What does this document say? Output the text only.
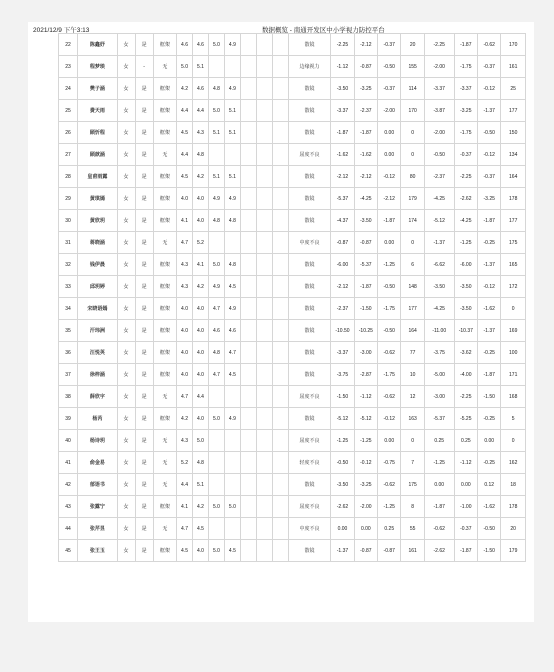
2021/12/9 下午3:13	数据概览 - 南通开发区中小学视力防控平台
22	陈鑫妤	女	是	框架	4.6	4.6	5.0	4.9				散镜	-2.25	-2.12	-0.37	20	-2.25	-1.87	-0.62	170
23	程梦琰	女	-	无	5.0	5.1						边缘视力	-1.12	-0.87	-0.50	155	-2.00	-1.75	-0.37	161
24	樊子涵	女	是	框架	4.2	4.6	4.8	4.9				散镜	-3.50	-3.25	-0.37	114	-3.37	-3.37	-0.12	25
25	费天雨	女	是	框架	4.4	4.4	5.0	5.1				散镜	-3.37	-2.37	-2.00	170	-3.87	-3.25	-1.37	177
26	顾忻程	女	是	框架	4.5	4.3	5.1	5.1				散镜	-1.87	-1.87	0.00	0	-2.00	-1.75	-0.50	150
27	顾歆涵	女	是	无	4.4	4.8						屈度不良	-1.62	-1.62	0.00	0	-0.50	-0.37	-0.12	134
28	皇甫雨露	女	是	框架	4.5	4.2	5.1	5.1				散镜	-2.12	-2.12	-0.12	80	-2.37	-2.25	-0.37	164
29	黄琪嫣	女	是	框架	4.0	4.0	4.9	4.9				散镜	-5.37	-4.25	-2.12	179	-4.25	-2.62	-3.25	178
30	黄欣玥	女	是	框架	4.1	4.0	4.8	4.8				散镜	-4.37	-3.50	-1.87	174	-5.12	-4.25	-1.87	177
31	蒋晓涵	女	是	无	4.7	5.2						中度不良	-0.87	-0.87	0.00	0	-1.37	-1.25	-0.25	175
32	钱伊晨	女	是	框架	4.3	4.1	5.0	4.8				散镜	-6.00	-5.37	-1.25	6	-6.62	-6.00	-1.37	165
33	邱玥婷	女	是	框架	4.3	4.2	4.9	4.5				散镜	-2.12	-1.87	-0.50	148	-3.50	-3.50	-0.12	172
34	宋晓语嫣	女	是	框架	4.0	4.0	4.7	4.9				散镜	-2.37	-1.50	-1.75	177	-4.25	-3.50	-1.62	0
35	汗玮洲	女	是	框架	4.0	4.0	4.6	4.6				散镜	-10.50	-10.25	-0.50	164	-11.00	-10.37	-1.37	169
36	汪悦英	女	是	框架	4.0	4.0	4.8	4.7				散镜	-3.37	-3.00	-0.62	77	-3.75	-3.62	-0.25	100
37	徐梓涵	女	是	框架	4.0	4.0	4.7	4.5				散镜	-3.75	-2.87	-1.75	10	-5.00	-4.00	-1.87	171
38	薛欣宇	女	是	无	4.7	4.4						屈度不良	-1.50	-1.12	-0.62	12	-3.00	-2.25	-1.50	168
39	杨芮	女	是	框架	4.2	4.0	5.0	4.9				散镜	-5.12	-5.12	-0.12	163	-5.37	-5.25	-0.25	5
40	杨诗玥	女	是	无	4.3	5.0						屈度不良	-1.25	-1.25	0.00	0	0.25	0.25	0.00	0
41	俞金易	女	是	无	5.2	4.8						轻度不良	-0.50	-0.12	-0.75	7	-1.25	-1.12	-0.25	162
42	郁语书	女	是	无	4.4	5.1						散镜	-3.50	-3.25	-0.62	175	0.00	0.00	0.12	18
43	张露宁	女	是	框架	4.1	4.2	5.0	5.0				屈度不良	-2.62	-2.00	-1.25	8	-1.87	-1.00	-1.62	178
44	张芹昱	女	是	无	4.7	4.5						中度不良	0.00	0.00	0.25	55	-0.62	-0.37	-0.50	20
45	张王玉	女	是	框架	4.5	4.0	5.0	4.5				散镜	-1.37	-0.87	-0.87	161	-2.62	-1.87	-1.50	179
